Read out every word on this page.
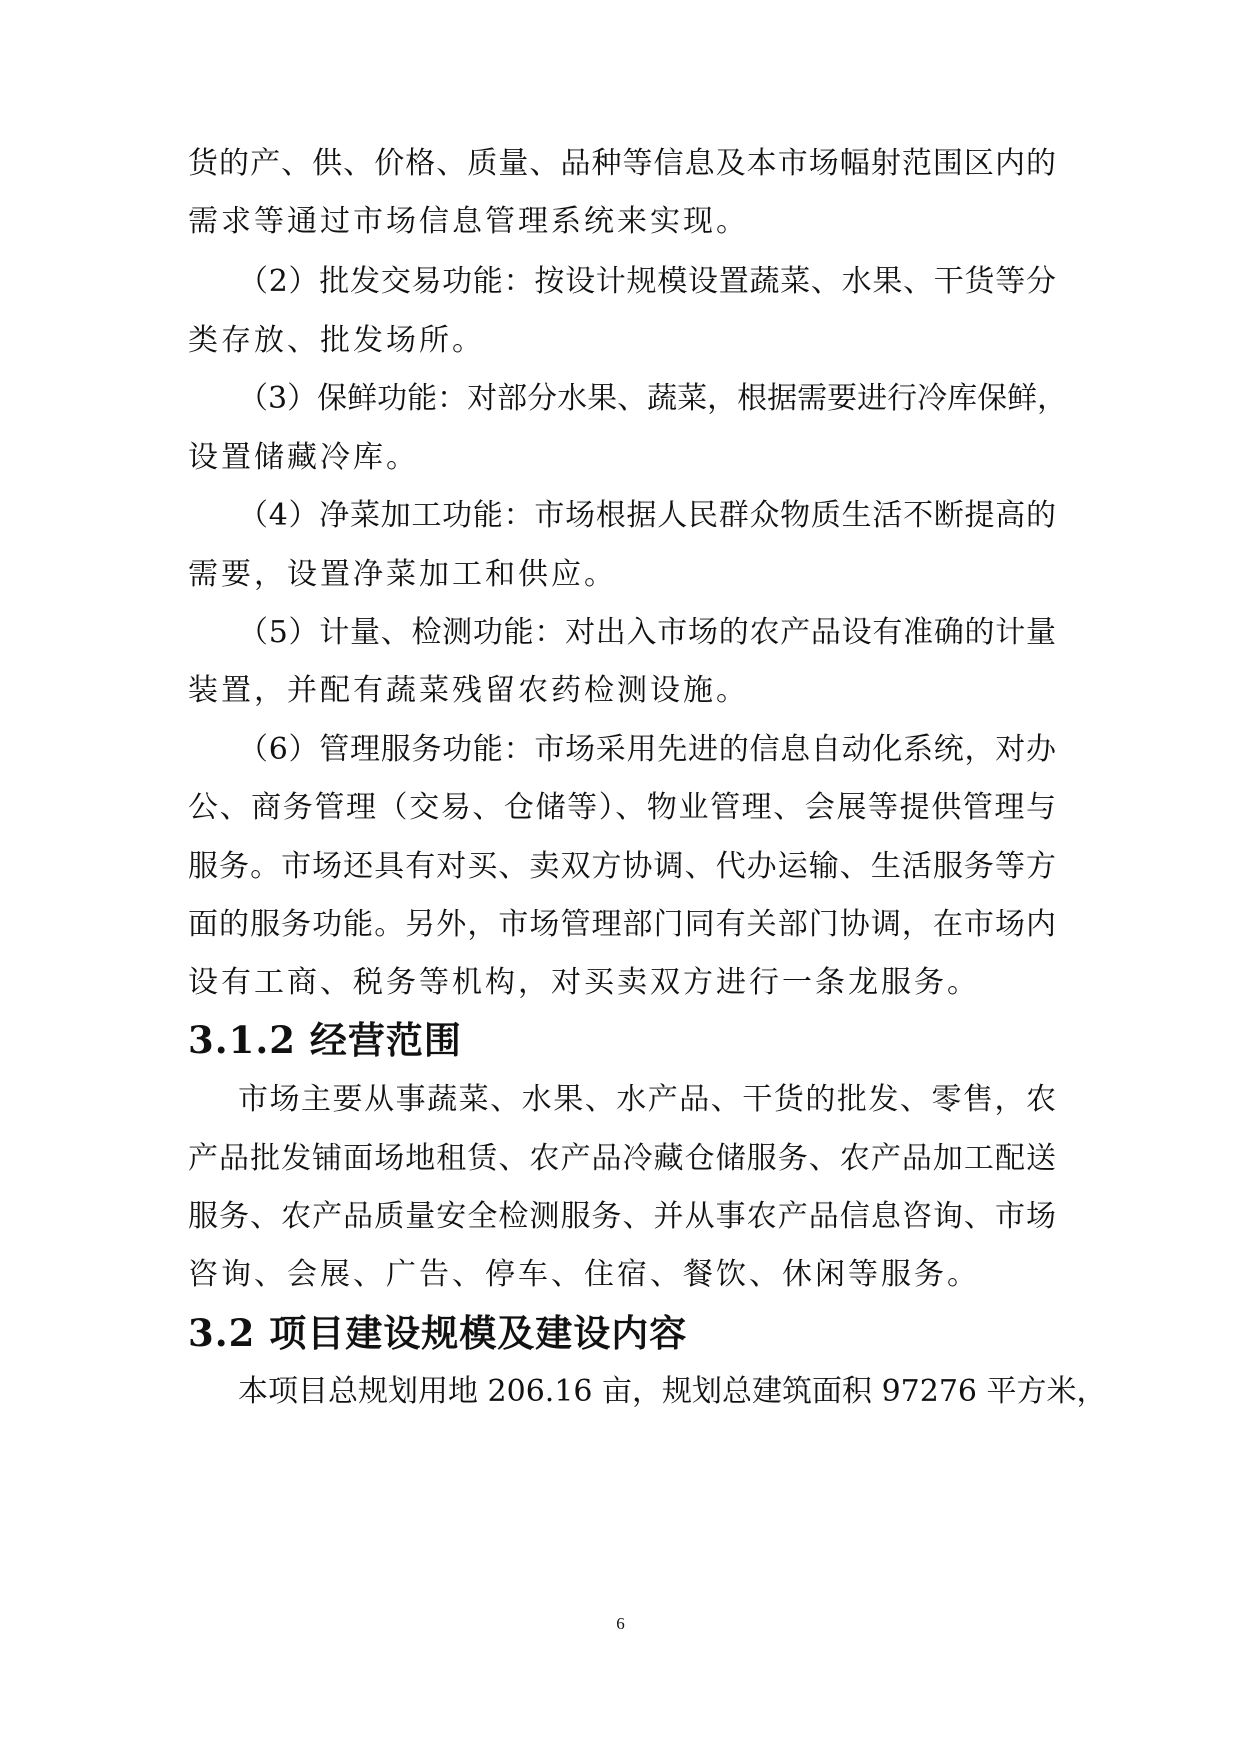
货的产、供、价格、质量、品种等信息及本市场幅射范围区内的
需求等通过市场信息管理系统来实现。
（2）批发交易功能：按设计规模设置蔬菜、水果、干货等分
类存放、批发场所。
（3）保鲜功能：对部分水果、蔬菜，根据需要进行冷库保鲜，
设置储藏冷库。
（4）净菜加工功能：市场根据人民群众物质生活不断提高的
需要，设置净菜加工和供应。
（5）计量、检测功能：对出入市场的农产品设有准确的计量
装置，并配有蔬菜残留农药检测设施。
（6）管理服务功能：市场采用先进的信息自动化系统，对办
公、商务管理（交易、仓储等）、物业管理、会展等提供管理与
服务。市场还具有对买、卖双方协调、代办运输、生活服务等方
面的服务功能。另外，市场管理部门同有关部门协调，在市场内
设有工商、税务等机构，对买卖双方进行一条龙服务。
3.1.2 经营范围
市场主要从事蔬菜、水果、水产品、干货的批发、零售，农
产品批发铺面场地租赁、农产品冷藏仓储服务、农产品加工配送
服务、农产品质量安全检测服务、并从事农产品信息咨询、市场
咨询、会展、广告、停车、住宿、餐饮、休闲等服务。
3.2 项目建设规模及建设内容
本项目总规划用地 206.16 亩，规划总建筑面积 97276 平方米，
6
